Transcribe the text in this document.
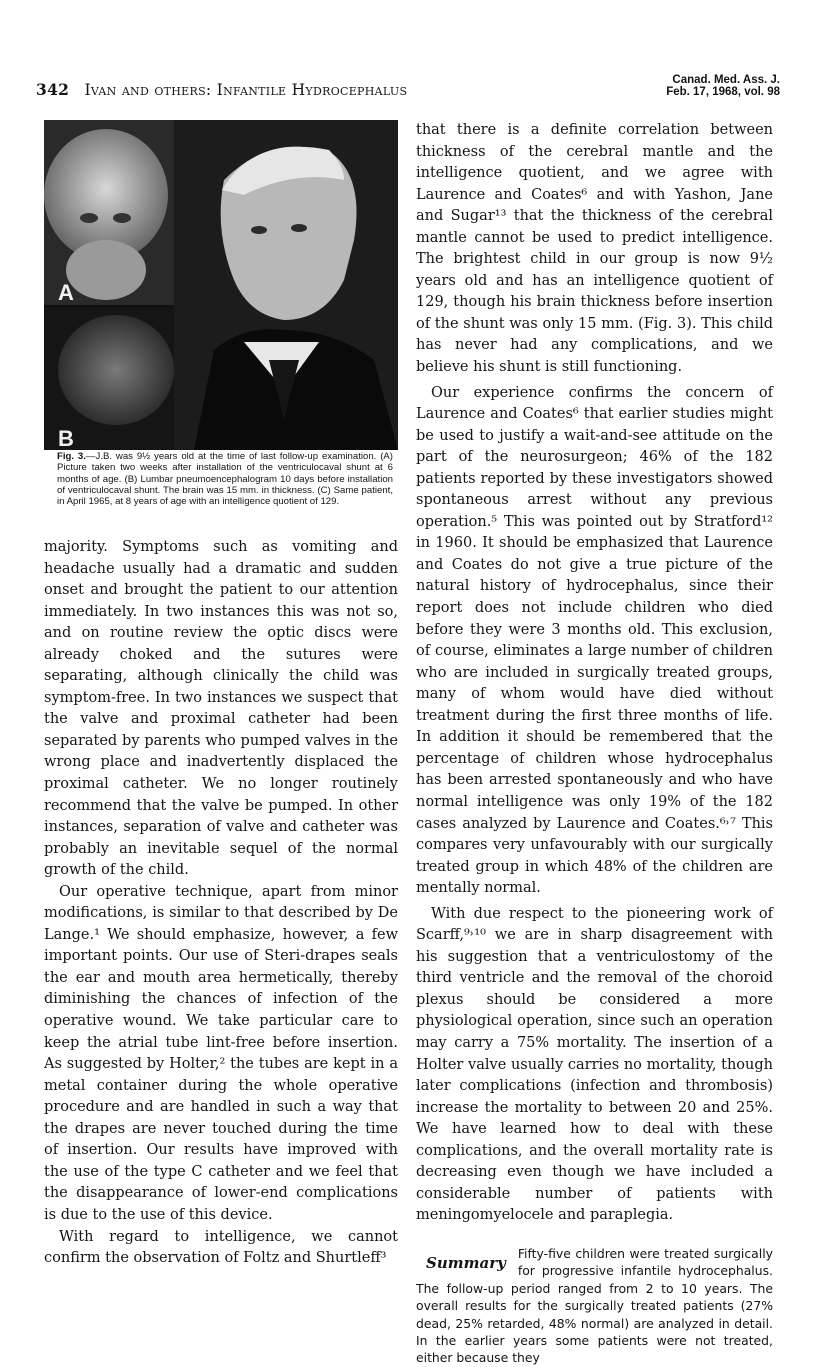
342 Ivan and others: Infantile Hydrocephalus
Canad. Med. Ass. J.
Feb. 17, 1968, vol. 98
A
B
Fig. 3.—J.B. was 9½ years old at the time of last follow-up examination. (A) Picture taken two weeks after installation of the ventriculocaval shunt at 6 months of age. (B) Lumbar pneumoencephalogram 10 days before installation of ventriculocaval shunt. The brain was 15 mm. in thickness. (C) Same patient, in April 1965, at 8 years of age with an intelligence quotient of 129.

majority. Symptoms such as vomiting and headache usually had a dramatic and sudden onset and brought the patient to our attention immediately. In two instances this was not so, and on routine review the optic discs were already choked and the sutures were separating, although clinically the child was symptom-free. In two instances we suspect that the valve and proximal catheter had been separated by parents who pumped valves in the wrong place and inadvertently displaced the proximal catheter. We no longer routinely recommend that the valve be pumped. In other instances, separation of valve and catheter was probably an inevitable sequel of the normal growth of the child.

Our operative technique, apart from minor modifications, is similar to that described by De Lange.¹ We should emphasize, however, a few important points. Our use of Steri-drapes seals the ear and mouth area hermetically, thereby diminishing the chances of infection of the operative wound. We take particular care to keep the atrial tube lint-free before insertion. As suggested by Holter,² the tubes are kept in a metal container during the whole operative procedure and are handled in such a way that the drapes are never touched during the time of insertion. Our results have improved with the use of the type C catheter and we feel that the disappearance of lower-end complications is due to the use of this device.

With regard to intelligence, we cannot confirm the observation of Foltz and Shurtleff³

that there is a definite correlation between thickness of the cerebral mantle and the intelligence quotient, and we agree with Laurence and Coates⁶ and with Yashon, Jane and Sugar¹³ that the thickness of the cerebral mantle cannot be used to predict intelligence. The brightest child in our group is now 9½ years old and has an intelligence quotient of 129, though his brain thickness before insertion of the shunt was only 15 mm. (Fig. 3). This child has never had any complications, and we believe his shunt is still functioning.

Our experience confirms the concern of Laurence and Coates⁶ that earlier studies might be used to justify a wait-and-see attitude on the part of the neurosurgeon; 46% of the 182 patients reported by these investigators showed spontaneous arrest without any previous operation.⁵ This was pointed out by Stratford¹² in 1960. It should be emphasized that Laurence and Coates do not give a true picture of the natural history of hydrocephalus, since their report does not include children who died before they were 3 months old. This exclusion, of course, eliminates a large number of children who are included in surgically treated groups, many of whom would have died without treatment during the first three months of life. In addition it should be remembered that the percentage of children whose hydrocephalus has been arrested spontaneously and who have normal intelligence was only 19% of the 182 cases analyzed by Laurence and Coates.⁶˒⁷ This compares very unfavourably with our surgically treated group in which 48% of the children are mentally normal.

With due respect to the pioneering work of Scarff,⁹˒¹⁰ we are in sharp disagreement with his suggestion that a ventriculostomy of the third ventricle and the removal of the choroid plexus should be considered a more physiological operation, since such an operation may carry a 75% mortality. The insertion of a Holter valve usually carries no mortality, though later complications (infection and thrombosis) increase the mortality to between 20 and 25%. We have learned how to deal with these complications, and the overall mortality rate is decreasing even though we have included a considerable number of patients with meningomyelocele and paraplegia.

Summary
Fifty-five children were treated surgically for progressive infantile hydrocephalus. The follow-up period ranged from 2 to 10 years. The overall results for the surgically treated patients (27% dead, 25% retarded, 48% normal) are analyzed in detail. In the earlier years some patients were not treated, either because they
